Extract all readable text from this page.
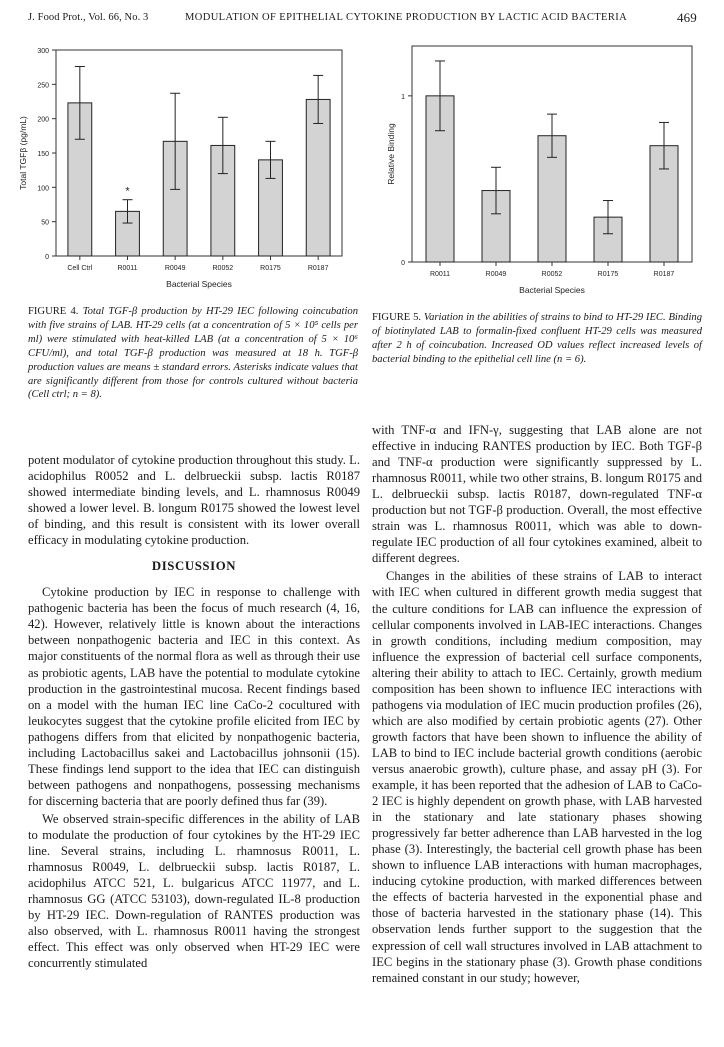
J. Food Prot., Vol. 66, No. 3	MODULATION OF EPITHELIAL CYTOKINE PRODUCTION BY LACTIC ACID BACTERIA	469
0
50
100
150
200
250
300
Cell Ctrl	R0011
*
R0049	R0052	R0175	R0187
Bacterial Species
Total TGFβ (pg/mL)
0
1
R0011	R0049	R0052	R0175	R0187
Bacterial Species
Relative Binding
FIGURE 4. Total TGF-β production by HT-29 IEC following coincubation with five strains of LAB. HT-29 cells (at a concentration of 5 × 10⁵ cells per ml) were stimulated with heat-killed LAB (at a concentration of 5 × 10⁶ CFU/ml), and total TGF-β production was measured at 18 h. TGF-β production values are means ± standard errors. Asterisks indicate values that are significantly different from those for controls cultured without bacteria (Cell ctrl; n = 8).
FIGURE 5. Variation in the abilities of strains to bind to HT-29 IEC. Binding of biotinylated LAB to formalin-fixed confluent HT-29 cells was measured after 2 h of coincubation. Increased OD values reflect increased levels of bacterial binding to the epithelial cell line (n = 6).

potent modulator of cytokine production throughout this study. L. acidophilus R0052 and L. delbrueckii subsp. lactis R0187 showed intermediate binding levels, and L. rhamnosus R0049 showed a lower level. B. longum R0175 showed the lowest level of binding, and this result is consistent with its lower overall efficacy in modulating cytokine production.

DISCUSSION

Cytokine production by IEC in response to challenge with pathogenic bacteria has been the focus of much research (4, 16, 42). However, relatively little is known about the interactions between nonpathogenic bacteria and IEC in this context. As major constituents of the normal flora as well as through their use as probiotic agents, LAB have the potential to modulate cytokine production in the gastrointestinal mucosa. Recent findings based on a model with the human IEC line CaCo-2 cocultured with leukocytes suggest that the cytokine profile elicited from IEC by pathogens differs from that elicited by nonpathogenic bacteria, including Lactobacillus sakei and Lactobacillus johnsonii (15). These findings lend support to the idea that IEC can distinguish between pathogens and nonpathogens, possessing mechanisms for discerning bacteria that are poorly defined thus far (39).

We observed strain-specific differences in the ability of LAB to modulate the production of four cytokines by the HT-29 IEC line. Several strains, including L. rhamnosus R0011, L. rhamnosus R0049, L. delbrueckii subsp. lactis R0187, L. acidophilus ATCC 521, L. bulgaricus ATCC 11977, and L. rhamnosus GG (ATCC 53103), down-regulated IL-8 production by HT-29 IEC. Down-regulation of RANTES production was also observed, with L. rhamnosus R0011 having the strongest effect. This effect was only observed when HT-29 IEC were concurrently stimulated

with TNF-α and IFN-γ, suggesting that LAB alone are not effective in inducing RANTES production by IEC. Both TGF-β and TNF-α production were significantly suppressed by L. rhamnosus R0011, while two other strains, B. longum R0175 and L. delbrueckii subsp. lactis R0187, down-regulated TNF-α production but not TGF-β production. Overall, the most effective strain was L. rhamnosus R0011, which was able to down-regulate IEC production of all four cytokines examined, albeit to different degrees.

Changes in the abilities of these strains of LAB to interact with IEC when cultured in different growth media suggest that the culture conditions for LAB can influence the expression of cellular components involved in LAB-IEC interactions. Changes in growth conditions, including medium composition, may influence the expression of bacterial cell surface components, altering their ability to attach to IEC. Certainly, growth medium composition has been shown to influence IEC interactions with pathogens via modulation of IEC mucin production profiles (26), which are also modified by certain probiotic agents (27). Other growth factors that have been shown to influence the ability of LAB to bind to IEC include bacterial growth conditions (aerobic versus anaerobic growth), culture phase, and assay pH (3). For example, it has been reported that the adhesion of LAB to CaCo-2 IEC is highly dependent on growth phase, with LAB harvested in the stationary and late stationary phases showing progressively far better adherence than LAB harvested in the log phase (3). Interestingly, the bacterial cell growth phase has been shown to influence LAB interactions with human macrophages, inducing cytokine production, with marked differences between the effects of bacteria harvested in the exponential phase and those of bacteria harvested in the stationary phase (14). This observation lends further support to the suggestion that the expression of cell wall structures involved in LAB attachment to IEC begins in the stationary phase (3). Growth phase conditions remained constant in our study; however,
